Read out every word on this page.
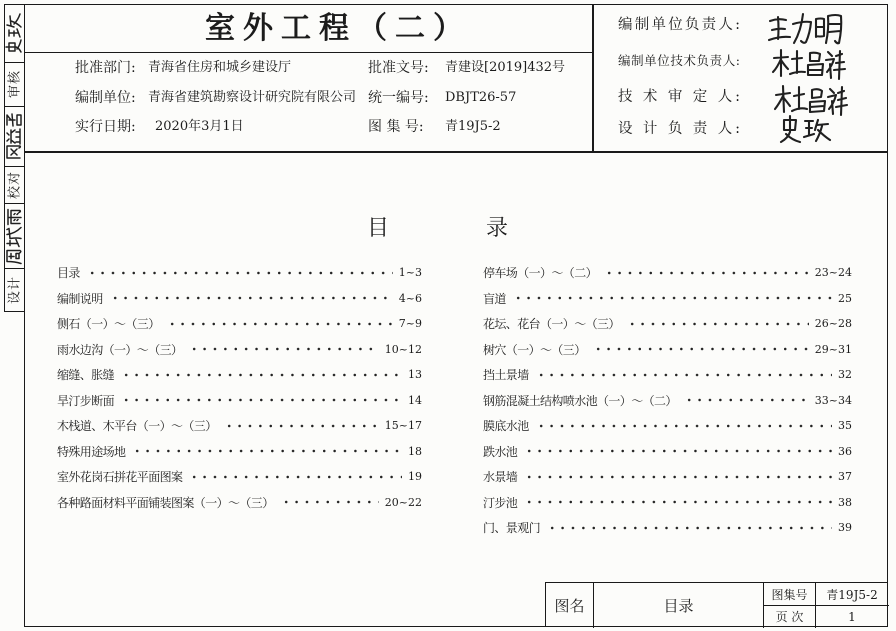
审核
校对
设计
室外工程（二）
批准部门: 青海省住房和城乡建设厅	批准文号: 青建设[2019]432号
编制单位: 青海省建筑勘察设计研究院有限公司 统一编号: DBJT26-57
实行日期: 2020年3月1日	图 集 号: 青19J5-2
编制单位负责人:
编制单位技术负责人:
技 术 审 定 人:
设 计 负 责 人:
目录
目录	1~3
编制说明	4~6
侧石（一）～（三）	7~9
雨水边沟（一）～（三）	10~12
缩缝、胀缝	13
旱汀步断面	14
木栈道、木平台（一）～（三）	15~17
特殊用途场地	18
室外花岗石拼花平面图案	19
各种路面材料平面铺装图案（一）～（三）	20~22
停车场（一）～（二）	23~24
盲道	25
花坛、花台（一）～（三）	26~28
树穴（一）～（三）	29~31
挡土景墙	32
钢筋混凝土结构喷水池（一）～（二）	33~34
膜底水池	35
跌水池	36
水景墙	37
汀步池	38
门、景观门	39
图名	目录
图集号	青19J5-2
页 次	1
